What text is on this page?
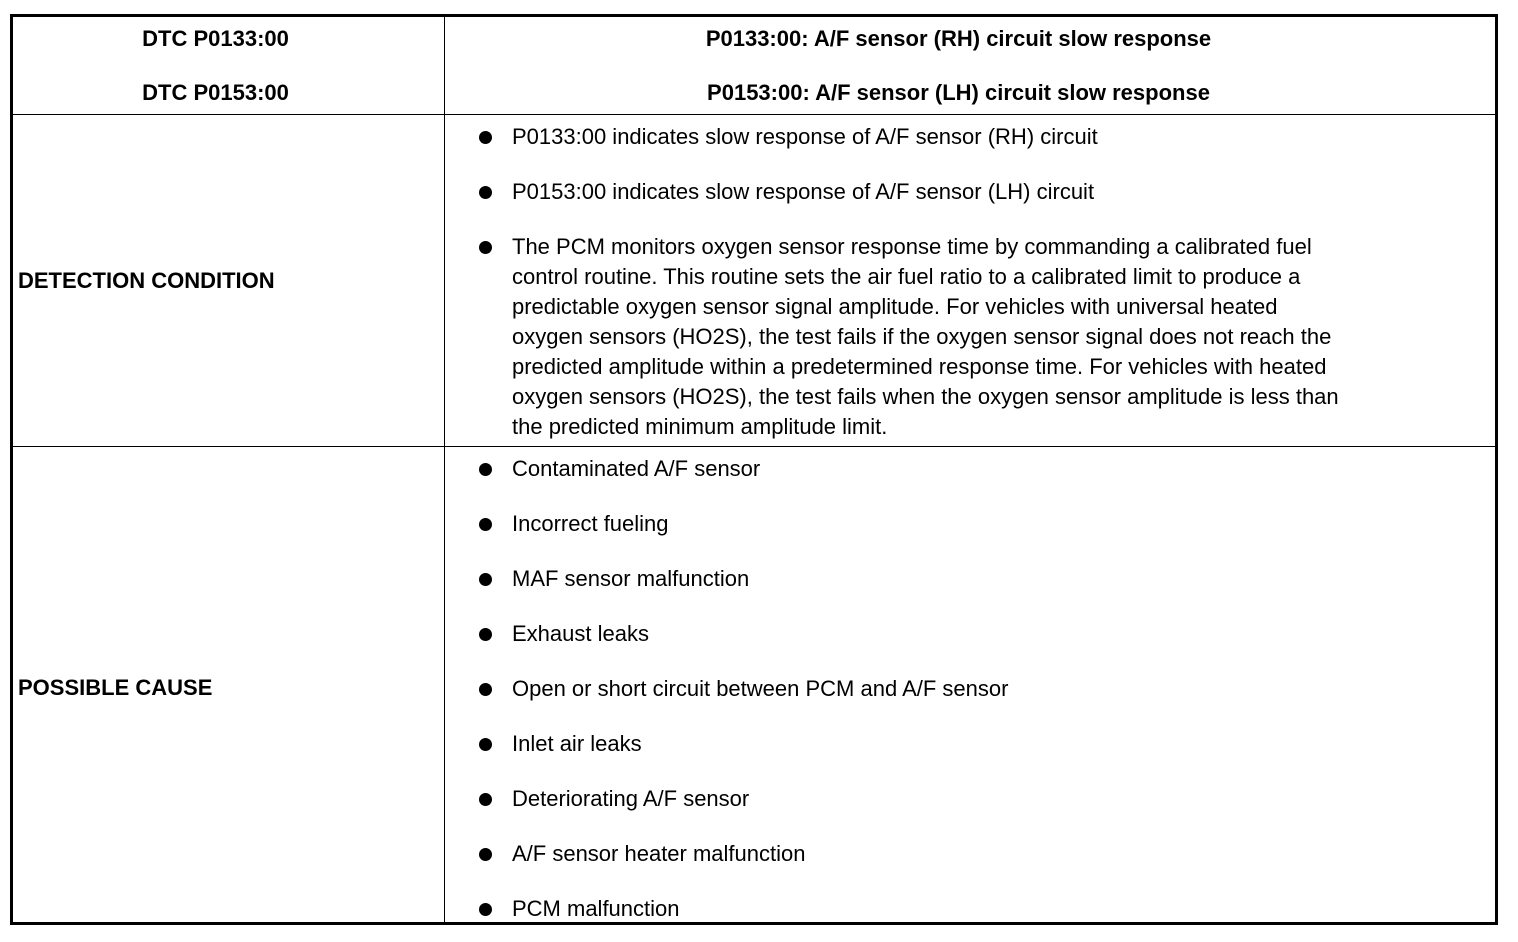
DTC P0133:00
DTC P0153:00
P0133:00: A/F sensor (RH) circuit slow response
P0153:00: A/F sensor (LH) circuit slow response
DETECTION CONDITION
P0133:00 indicates slow response of A/F sensor (RH) circuit
P0153:00 indicates slow response of A/F sensor (LH) circuit
The PCM monitors oxygen sensor response time by commanding a calibrated fuel
control routine. This routine sets the air fuel ratio to a calibrated limit to produce a
predictable oxygen sensor signal amplitude. For vehicles with universal heated
oxygen sensors (HO2S), the test fails if the oxygen sensor signal does not reach the
predicted amplitude within a predetermined response time. For vehicles with heated
oxygen sensors (HO2S), the test fails when the oxygen sensor amplitude is less than
the predicted minimum amplitude limit.
POSSIBLE CAUSE
Contaminated A/F sensor
Incorrect fueling
MAF sensor malfunction
Exhaust leaks
Open or short circuit between PCM and A/F sensor
Inlet air leaks
Deteriorating A/F sensor
A/F sensor heater malfunction
PCM malfunction
